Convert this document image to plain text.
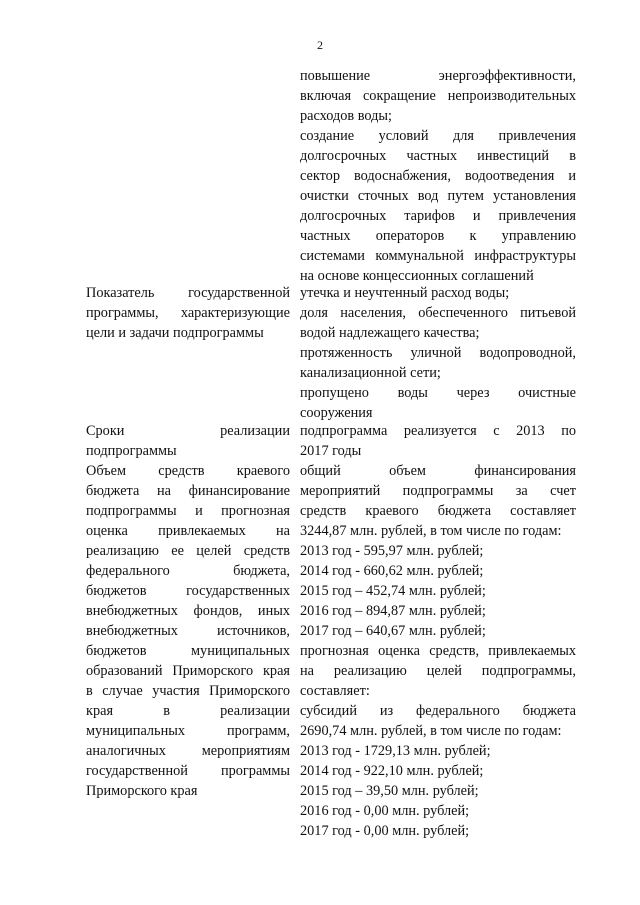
2
повышение энергоэффективности,
включая сокращение непроизводительных
расходов воды;
создание условий для привлечения
долгосрочных частных инвестиций в
сектор водоснабжения, водоотведения и
очистки сточных вод путем установления
долгосрочных тарифов и привлечения
частных операторов к управлению
системами коммунальной инфраструктуры
на основе концессионных соглашений
Показатель государственной
программы, характеризующие
цели и задачи подпрограммы
утечка и неучтенный расход воды;
доля населения, обеспеченного питьевой
водой надлежащего качества;
протяженность уличной водопроводной,
канализационной сети;
пропущено воды через очистные
сооружения
Сроки реализации
подпрограммы
подпрограмма реализуется с 2013 по
2017 годы
Объем средств краевого
бюджета на финансирование
подпрограммы и прогнозная
оценка привлекаемых на
реализацию ее целей средств
федерального бюджета,
бюджетов государственных
внебюджетных фондов, иных
внебюджетных источников,
бюджетов муниципальных
образований Приморского края
в случае участия Приморского
края в реализации
муниципальных программ,
аналогичных мероприятиям
государственной программы
Приморского края
общий объем финансирования
мероприятий подпрограммы за счет
средств краевого бюджета составляет
3244,87 млн. рублей, в том числе по годам:
2013 год - 595,97 млн. рублей;
2014 год - 660,62 млн. рублей;
2015 год – 452,74 млн. рублей;
2016 год – 894,87 млн. рублей;
2017 год – 640,67 млн. рублей;
прогнозная оценка средств, привлекаемых
на реализацию целей подпрограммы,
составляет:
субсидий из федерального бюджета
2690,74 млн. рублей, в том числе по годам:
2013 год - 1729,13 млн. рублей;
2014 год - 922,10 млн. рублей;
2015 год – 39,50 млн. рублей;
2016 год - 0,00 млн. рублей;
2017 год - 0,00 млн. рублей;
